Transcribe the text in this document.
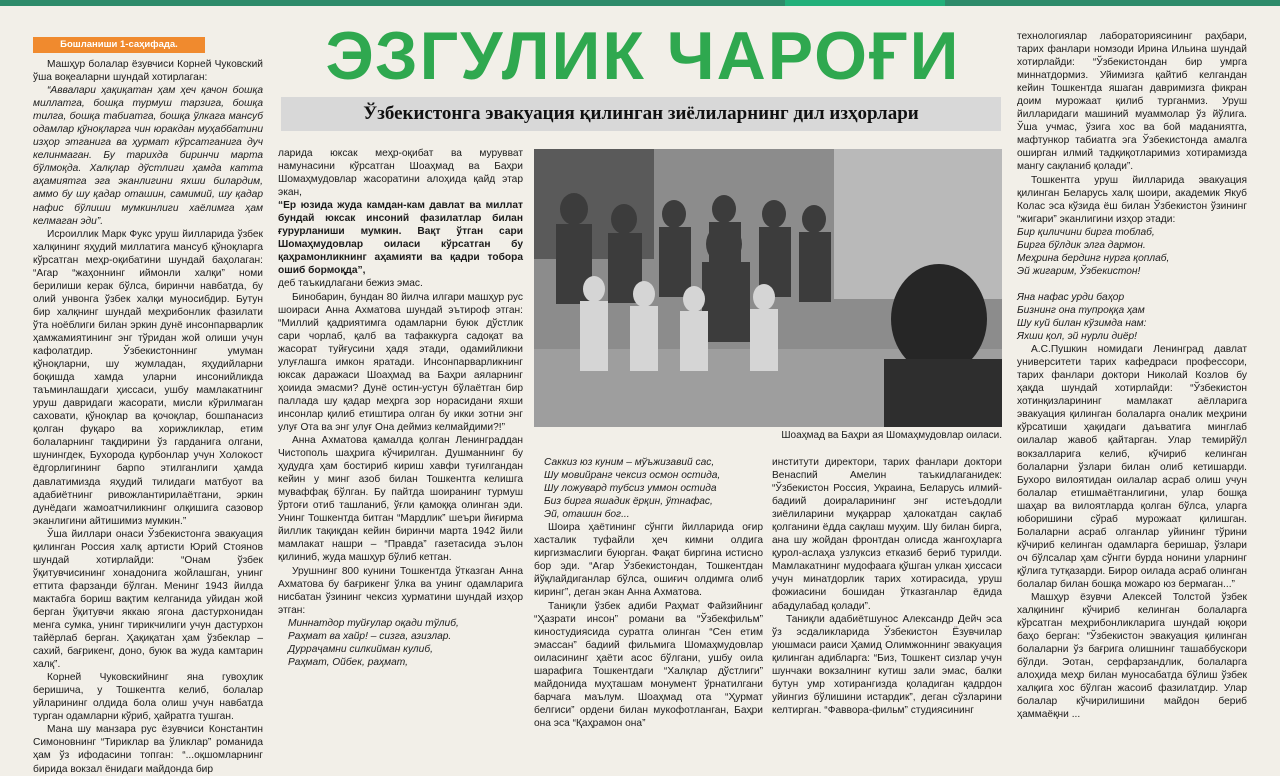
Бошланиши 1-саҳифада.

Машҳур болалар ёзувчиси Корней Чуковский ўша воқеаларни шундай хотирлаган:

“Аввалари ҳақиқатан ҳам ҳеч қачон бошқа миллатга, бошқа турмуш тарзига, бошқа тилга, бошқа табиатга, бошқа ўлкага мансуб одамлар қўноқларга чин юракдан муҳаббатини изҳор этганига ва ҳурмат кўрсатганига дуч келинмаган. Бу тарихда биринчи марта бўлмоқда. Халқлар дўстлиги ҳамда катта аҳамиятга эга эканлигини яхши билардим, аммо бу шу қадар оташин, самимий, шу қадар нафис бўлиши мумкинлиги хаёлимга ҳам келмаган эди”.

Исроиллик Марк Фукс уруш йилларида ўзбек халқининг яҳудий миллатига мансуб қўноқларга кўрсатган меҳр-оқибатини шундай баҳолаган: “Агар “жаҳоннинг иймонли халқи” номи берилиши керак бўлса, биринчи навбатда, бу олий унвонга ўзбек халқи муносибдир. Бутун бир халқнинг шундай меҳрибонлик фазилати ўта ноёблиги билан эркин дунё инсонпарварлик ҳамжамиятининг энг тўридан жой олиши учун кафолатдир. Ўзбекистоннинг умуман қўноқларни, шу жумладан, яҳудийларни боқишда хамда уларни инсонийликда таъминлашдаги ҳиссаси, ушбу мамлакатнинг уруш давридаги жасорати, мисли кўрилмаган саховати, қўноқлар ва қочоқлар, бошпанасиз қолган фуқаро ва хорижликлар, етим болаларнинг тақдирини ўз гарданига олгани, шунингдек, Бухорода қурбонлар учун Холокост ёдгорлигининг барпо этилганлиги ҳамда давлатимизда яҳудий тилидаги матбуот ва адабиётнинг ривожлантирилаётгани, эркин дунёдаги жамоатчиликнинг олқишига сазовор эканлигини айтишимиз мумкин.”

Ўша йиллари онаси Ўзбекистонга эвакуация қилинган Россия халқ артисти Юрий Стоянов шундай хотирлайди: “Онам ўзбек ўқитувчисининг хонадонига жойлашган, унинг еттита фарзанди бўлган. Менинг 1943 йилда мактабга бориш вақтим келганида уйидан жой берган ўқитувчи яккаю ягона дастурхонидан менга сумка, унинг тирикчилиги учун дастурхон тайёрлаб берган. Ҳақиқатан ҳам ўзбеклар – сахий, бағрикенг, доно, буюк ва жуда камтарин халқ”.

Корней Чуковскийнинг яна гувоҳлик беришича, у Тошкентга келиб, болалар уйларининг олдида бола олиш учун навбатда турган одамларни кўриб, ҳайратга тушган.

Мана шу манзара рус ёзувчиси Константин Симоновнинг “Тириклар ва ўликлар” романида ҳам ўз ифодасини топган: “...оқшомларнинг бирида вокзал ёнидаги майдонда бир

ЭЗГУЛИК ЧАРОҒИ
Ўзбекистонга эвакуация қилинган зиёлиларнинг дил изҳорлари

ларида юксак меҳр-оқибат ва мурувват намунасини кўрсатган Шоаҳмад ва Баҳри Шомаҳмудовлар жасоратини алоҳида қайд этар экан,

“Ер юзида жуда камдан-кам давлат ва миллат бундай юксак инсоний фазилатлар билан ғурурланиши мумкин. Вақт ўтган сари Шомаҳмудовлар оиласи кўрсатган бу қаҳрамонликнинг аҳамияти ва қадри тобора ошиб бормоқда”,

деб таъкидлагани бежиз эмас.

Бинобарин, бундан 80 йилча илгари машҳур рус шоираси Анна Ахматова шундай эътироф этган: “Миллий қадриятимга одамларни буюк дўстлик сари чорлаб, қалб ва тафаккурга садоқат ва жасорат туйғусини ҳадя этади, одамийликни улуғлашга имкон яратади. Инсонпарварликнинг юксак даражаси Шоаҳмад ва Баҳри аяларнинг ҳоиида эмасми? Дунё остин-устун бўлаётган бир паллада шу қадар меҳрга зор норасидани яхши инсонлар қилиб етиштира олган бу икки зотни энг улуғ Ота ва энг улуғ Она деймиз келмайдими?!”

Анна Ахматова қамалда қолган Ленинграддан Чистополь шаҳрига кўчирилган. Душманнинг бу ҳудудга ҳам бостириб кириш хавфи туғилгандан кейин у минг азоб билан Тошкентга келишга муваффақ бўлган. Бу пайтда шоиранинг турмуш ўртоғи отиб ташланиб, ўғли қамоққа олинган эди. Унинг Тошкентда битган “Мардлик” шеъри йиғирма йиллик тақиқдан кейин биринчи марта 1942 йили мамлакат нашри – “Правда” газетасида эълон қилиниб, жуда машҳур бўлиб кетган.

Урушнинг 800 кунини Тошкентда ўтказган Анна Ахматова бу бағрикенг ўлка ва унинг одамларига нисбатан ўзининг чексиз ҳурматини шундай изҳор этган:

Миннатдор туйғулар оқади тўлиб,

Раҳмат ва хайр! – сизга, азизлар.

Дурраҷамни силкийман кулиб,

Раҳмат, Ойбек, раҳмат,

Шоаҳмад ва Баҳри ая Шомаҳмудовлар оиласи.

Саккиз юз куним – мўъжизавий сас,

Шу мовийранг чексиз осмон остида,

Шу ложувард тубсиз уммон остида

Биз бирга яшадик ёрқин, ўтнафас,

Эй, оташин бог...

Шоира ҳаётининг сўнгги йилларида оғир хасталик туфайли ҳеч кимни олдига киргизмаслиги буюрган. Фақат биргина истисно бор эди. “Агар Ўзбекистондан, Тошкентдан йўқлайдиганлар бўлса, ошиғич олдимга олиб киринг”, деган экан Анна Ахматова.

Таниқли ўзбек адиби Раҳмат Файзийнинг “Ҳазрати инсон” романи ва “Ўзбекфильм” киностудиясида суратга олинган “Сен етим эмассан” бадиий фильмига Шомаҳмудовлар оиласининг ҳаёти асос бўлгани, ушбу оила шарафига Тошкентдаги “Халқлар дўстлиги” майдонида муҳташам монумент ўрнатилгани барчага маълум. Шоаҳмад ота “Ҳурмат белгиси” ордени билан мукофотланган, Баҳри она эса “Қаҳрамон она”

институти директори, тарих фанлари доктори Венаспий Амелин таъкидлаганидек: “Ўзбекистон Россия, Украина, Беларусь илмий-бадиий доираларининг энг истеъдодли зиёлиларини муқаррар ҳалокатдан сақлаб қолганини ёдда сақлаш муҳим. Шу билан бирга, ана шу жойдан фронтдан олисда жангоҳларга қурол-аслаҳа узлуксиз етказиб бериб турилди. Мамлакатнинг мудофаага қўшган улкан ҳиссаси учун минатдорлик тарих хотирасида, уруш фожиасини бошидан ўтказганлар ёдида абадулабад қолади”.

Таниқли адабиётшунос Александр Дейч эса ўз эсдаликларида Ўзбекистон Ёзувчилар уюшмаси раиси Ҳамид Олимжоннинг эвакуация қилинган адибларга: “Биз, Тошкент сизлар учун шунчаки вокзалнинг кутиш зали эмас, балки бутун умр хотирангизда қоладиган қадрдон уйингиз бўлишини истардик”, деган сўзларини келтирган. “Фаввора-фильм” студиясининг

технологиялар лабораториясининг раҳбари, тарих фанлари номзоди Ирина Ильина шундай хотирлайди: “Ўзбекистондан бир умрга миннатдормиз. Уйимизга қайтиб келгандан кейин Тошкентда яшаган давримизга фикран доим мурожаат қилиб турганмиз. Уруш йилларидаги машиний муаммолар ўз йўлига. Ўша учмас, ўзига хос ва бой маданиятга, мафтункор табиатга эга Ўзбекистонда амалга оширган илмий тадқиқотларимиз хотирамизда мангу сақланиб қолади”.

Тошкентга уруш йилларида эвакуация қилинган Беларусь халқ шоири, академик Якуб Колас эса кўзида ёш билан Ўзбекистон ўзининг “жигари” эканлигини изҳор этади:

Бир қиличини бирга тоблаб,

Бирга бўлдик элга дармон.

Меҳрина бердинг нурга қоплаб,

Эй жигарим, Ўзбекистон!

Яна нафас урди баҳор

Бизнинг она тупроққа ҳам

Шу куй билан кўзимда нам:

Яхши қол, эй нурли диёр!

А.С.Пушкин номидаги Ленинград давлат университети тарих кафедраси профессори, тарих фанлари доктори Николай Козлов бу ҳақда шундай хотирлайди: “Ўзбекистон хотинқизларининг мамлакат аёлларига эвакуация қилинган болаларга оналик меҳрини кўрсатиши ҳақидаги даъватига минглаб оилалар жавоб қайтарган. Улар темирйўл вокзалларига келиб, кўчириб келинган болаларни ўзлари билан олиб кетишарди. Бухоро вилоятидан оилалар асраб олиш учун болалар етишмаётганлигини, улар бошқа шаҳар ва вилоятларда қолган бўлса, уларга юборишини сўраб мурожаат қилишган. Болаларни асраб олганлар уйининг тўрини кўчириб келинган одамларга беришар, ўзлари оч бўлсалар ҳам сўнгги бурда нонини уларнинг қўлига тутқазарди. Бирор оилада асраб олинган болалар билан бошқа можаро юз бермаган...”

Машҳур ёзувчи Алексей Толстой ўзбек халқининг кўчириб келинган болаларга кўрсатган меҳрибонликларига шундай юқори баҳо берган: “Ўзбекистон эвакуация қилинган болаларни ўз бағрига олишнинг ташаббускори бўлди. Эотан, серфарзандлик, болаларга алоҳида меҳр билан муносабатда бўлиш ўзбек халқига хос бўлган жасоиб фазилатдир. Улар болалар кўчирилишини майдон бериб ҳаммаёқни ...
